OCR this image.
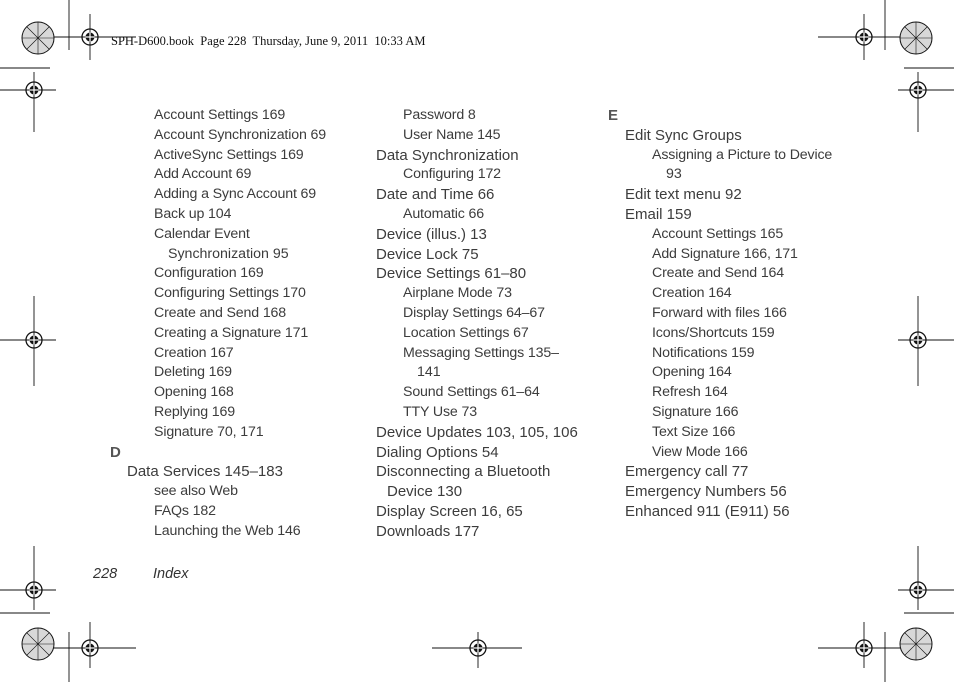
SPH-D600.book  Page 228  Thursday, June 9, 2011  10:33 AM
Account Settings 169
Account Synchronization 69
ActiveSync Settings 169
Add Account 69
Adding a Sync Account 69
Back up 104
Calendar Event
Synchronization 95
Configuration 169
Configuring Settings 170
Create and Send 168
Creating a Signature 171
Creation 167
Deleting 169
Opening 168
Replying 169
Signature 70, 171
D
Data Services 145–183
see also Web
FAQs 182
Launching the Web 146
Password 8
User Name 145
Data Synchronization
Configuring 172
Date and Time 66
Automatic 66
Device (illus.) 13
Device Lock 75
Device Settings 61–80
Airplane Mode 73
Display Settings 64–67
Location Settings 67
Messaging Settings 135–
141
Sound Settings 61–64
TTY Use 73
Device Updates 103, 105, 106
Dialing Options 54
Disconnecting a Bluetooth
Device 130
Display Screen 16, 65
Downloads 177
E
Edit Sync Groups
Assigning a Picture to Device
93
Edit text menu 92
Email 159
Account Settings 165
Add Signature 166, 171
Create and Send 164
Creation 164
Forward with files 166
Icons/Shortcuts 159
Notifications 159
Opening 164
Refresh 164
Signature 166
Text Size 166
View Mode 166
Emergency call 77
Emergency Numbers 56
Enhanced 911 (E911) 56
228 Index
